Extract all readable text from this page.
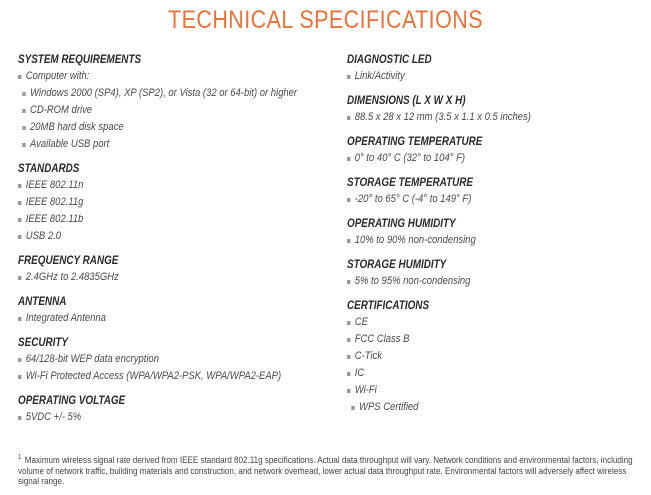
TECHNICAL SPECIFICATIONS
SYSTEM REQUIREMENTS
Computer with:
Windows 2000 (SP4), XP (SP2), or Vista (32 or 64-bit) or higher
CD-ROM drive
20MB hard disk space
Available USB port
STANDARDS
IEEE 802.11n
IEEE 802.11g
IEEE 802.11b
USB 2.0
FREQUENCY RANGE
2.4GHz to 2.4835GHz
ANTENNA
Integrated Antenna
SECURITY
64/128-bit WEP data encryption
Wi-Fi Protected Access (WPA/WPA2-PSK, WPA/WPA2-EAP)
OPERATING VOLTAGE
5VDC +/- 5%
DIAGNOSTIC LED
Link/Activity
DIMENSIONS (L X W X H)
88.5 x 28 x 12 mm (3.5 x 1.1 x 0.5 inches)
OPERATING TEMPERATURE
0° to 40° C (32° to 104° F)
STORAGE TEMPERATURE
-20° to 65° C (-4° to 149° F)
OPERATING HUMIDITY
10% to 90% non-condensing
STORAGE HUMIDITY
5% to 95% non-condensing
CERTIFICATIONS
CE
FCC Class B
C-Tick
IC
Wi-Fi
WPS Certified
$^1$ Maximum wireless signal rate derived from IEEE standard 802.11g specifications. Actual data throughput will vary. Network conditions and environmental factors, including volume of network traffic, building materials and construction, and network overhead, lower actual data throughput rate. Environmental factors will adversely affect wireless signal range.
